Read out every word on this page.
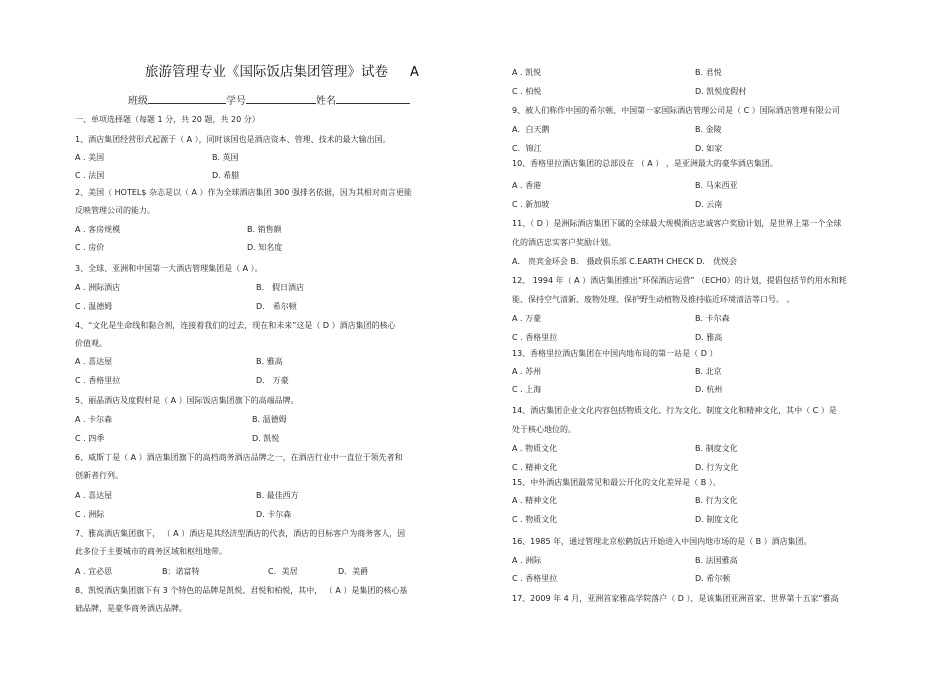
旅游管理专业《国际饭店集团管理》试卷 A
班级	学号	姓名
一、单项选择题（每题 1 分，共 20 题，共 20 分）
1、酒店集团经营形式起源于（ A ），同时该国也是酒店资本、管理、技术的最大输出国。
A . 美国	B. 英国
C . 法国	D. 希腊
2、美国（ HOTEL$ 杂志是以（ A ）作为全球酒店集团 300 强排名依据，因为其相对而言更能
反映管理公司的能力。
A . 客房规模	B. 销售额
C . 房价	D. 知名度
3、全球、亚洲和中国第一大酒店管理集团是（ A ）。
A . 洲际酒店	B． 假日酒店
C . 温德姆	D． 希尔顿
4、“文化是生命线和黏合剂，连接着我们的过去，现在和未来”这是（ D ）酒店集团的核心
价值观。
A . 喜达屋	B. 雅高
C . 香格里拉	D． 万豪
5、丽晶酒店及度假村是（ A ）国际饭店集团旗下的高端品牌。
A . 卡尔森	B. 温德姆
C . 四季	D. 凯悦
6、威斯丁是（ A ）酒店集团旗下的高档商务酒店品牌之一，在酒店行业中一直位于领先者和
创新者行列。
A . 喜达屋	B. 最佳西方
C . 洲际	D. 卡尔森
7、雅高酒店集团旗下， （ A ）酒店是其经济型酒店的代表，酒店的目标客户为商务客人，因
此多位于主要城市的商务区域和枢纽地带。
A . 宜必思	B：诺富特	C．美居	D．美爵
8、凯悦酒店集团旗下有 3 个特色的品牌是凯悦、君悦和柏悦，其中， （ A ）是集团的核心基
础品牌，是豪华商务酒店品牌。
A . 凯悦	B. 君悦
C . 柏悦	D. 凯悦度假村
9、被人们称作中国的希尔顿、中国第一家国际酒店管理公司是（ C ）国际酒店管理有限公司
A．白天鹅	B. 金陵
C．锦江	D. 如家
10、香格里拉酒店集团的总部设在 （ A ） ，是亚洲最大的豪华酒店集团。
A . 香港	B. 马来西亚
C . 新加坡	D. 云南
11、（ D ）是洲际酒店集团下属的全球最大规模酒店忠诚客户奖励计划，是世界上第一个全球
化的酒店忠实客户奖励计划。
A． 贵宾金环会 B． 摄政俱乐部 C.EARTH CHECK D． 优悦会
12、 1994 年（ A ）酒店集团推出“环保酒店运营” （ECH0）的计划，提倡包括节约用水和耗
能、保持空气清新、废物处理、保护野生动植物及推持临近环境清洁等口号。 。
A . 万豪	B. 卡尔森
C . 香格里拉	D. 雅高
13、香格里拉酒店集团在中国内地布局的第一站是（ D ）
A . 苏州	B. 北京
C . 上海	D. 杭州
14、酒店集团企业文化内容包括物质文化、行为文化、制度文化和精神文化，其中（ C ）是
处于核心地位的。
A . 物质文化	B. 制度文化
C . 精神文化	D. 行为文化
15、中外酒店集团最常见和最公开化的文化差异是（ B ）。
A . 精神文化	B. 行为文化
C . 物质文化	D. 制度文化
16、1985 年，通过管理北京松鹤饭店开始进入中国内地市场的是（ B ）酒店集团。
A . 洲际	B. 法国雅高
C . 香格里拉	D. 希尔顿
17、2009 年 4 月，亚洲首家雅高学院落户（ D ），是该集团亚洲首家、世界第十五家“雅高
